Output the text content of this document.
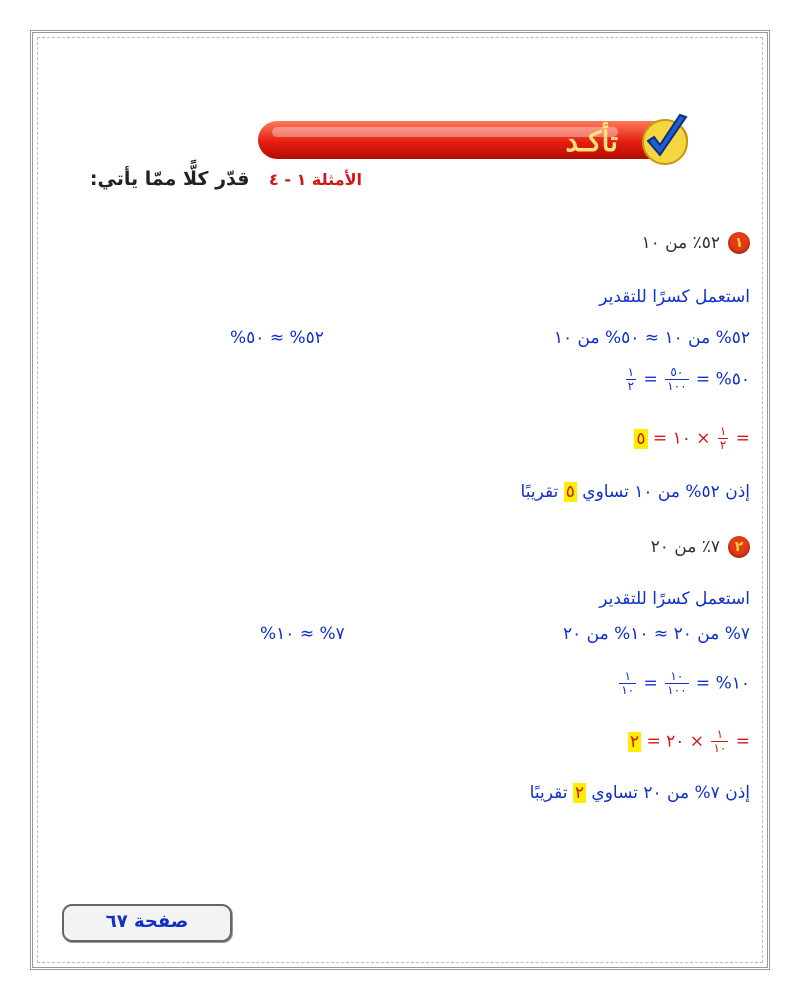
تأكـد
الأمثلة ١ - ٤ قدّر كلًّا ممّا يأتي:
١٥٢٪ من ١٠
استعمل كسرًا للتقدير
٥٢% من ١٠ ≈ ٥٠% من ١٠
٥٢% ≈ ٥٠%
٥٠% =
$\frac{٥٠}{١٠٠}$
=
$\frac{١}{٢}$
=
$\frac{١}{٢}$
× ١٠ = ٥
إذن ٥٢% من ١٠ تساوي ٥ تقريبًا
٢٧٪ من ٢٠
استعمل كسرًا للتقدير
٧% من ٢٠ ≈ ١٠% من ٢٠
٧% ≈ ١٠%
١٠% =
$\frac{١٠}{١٠٠}$
=
$\frac{١}{١٠}$
=
$\frac{١}{١٠}$
× ٢٠ = ٢
إذن ٧% من ٢٠ تساوي ٢ تقريبًا
صفحة ٦٧
